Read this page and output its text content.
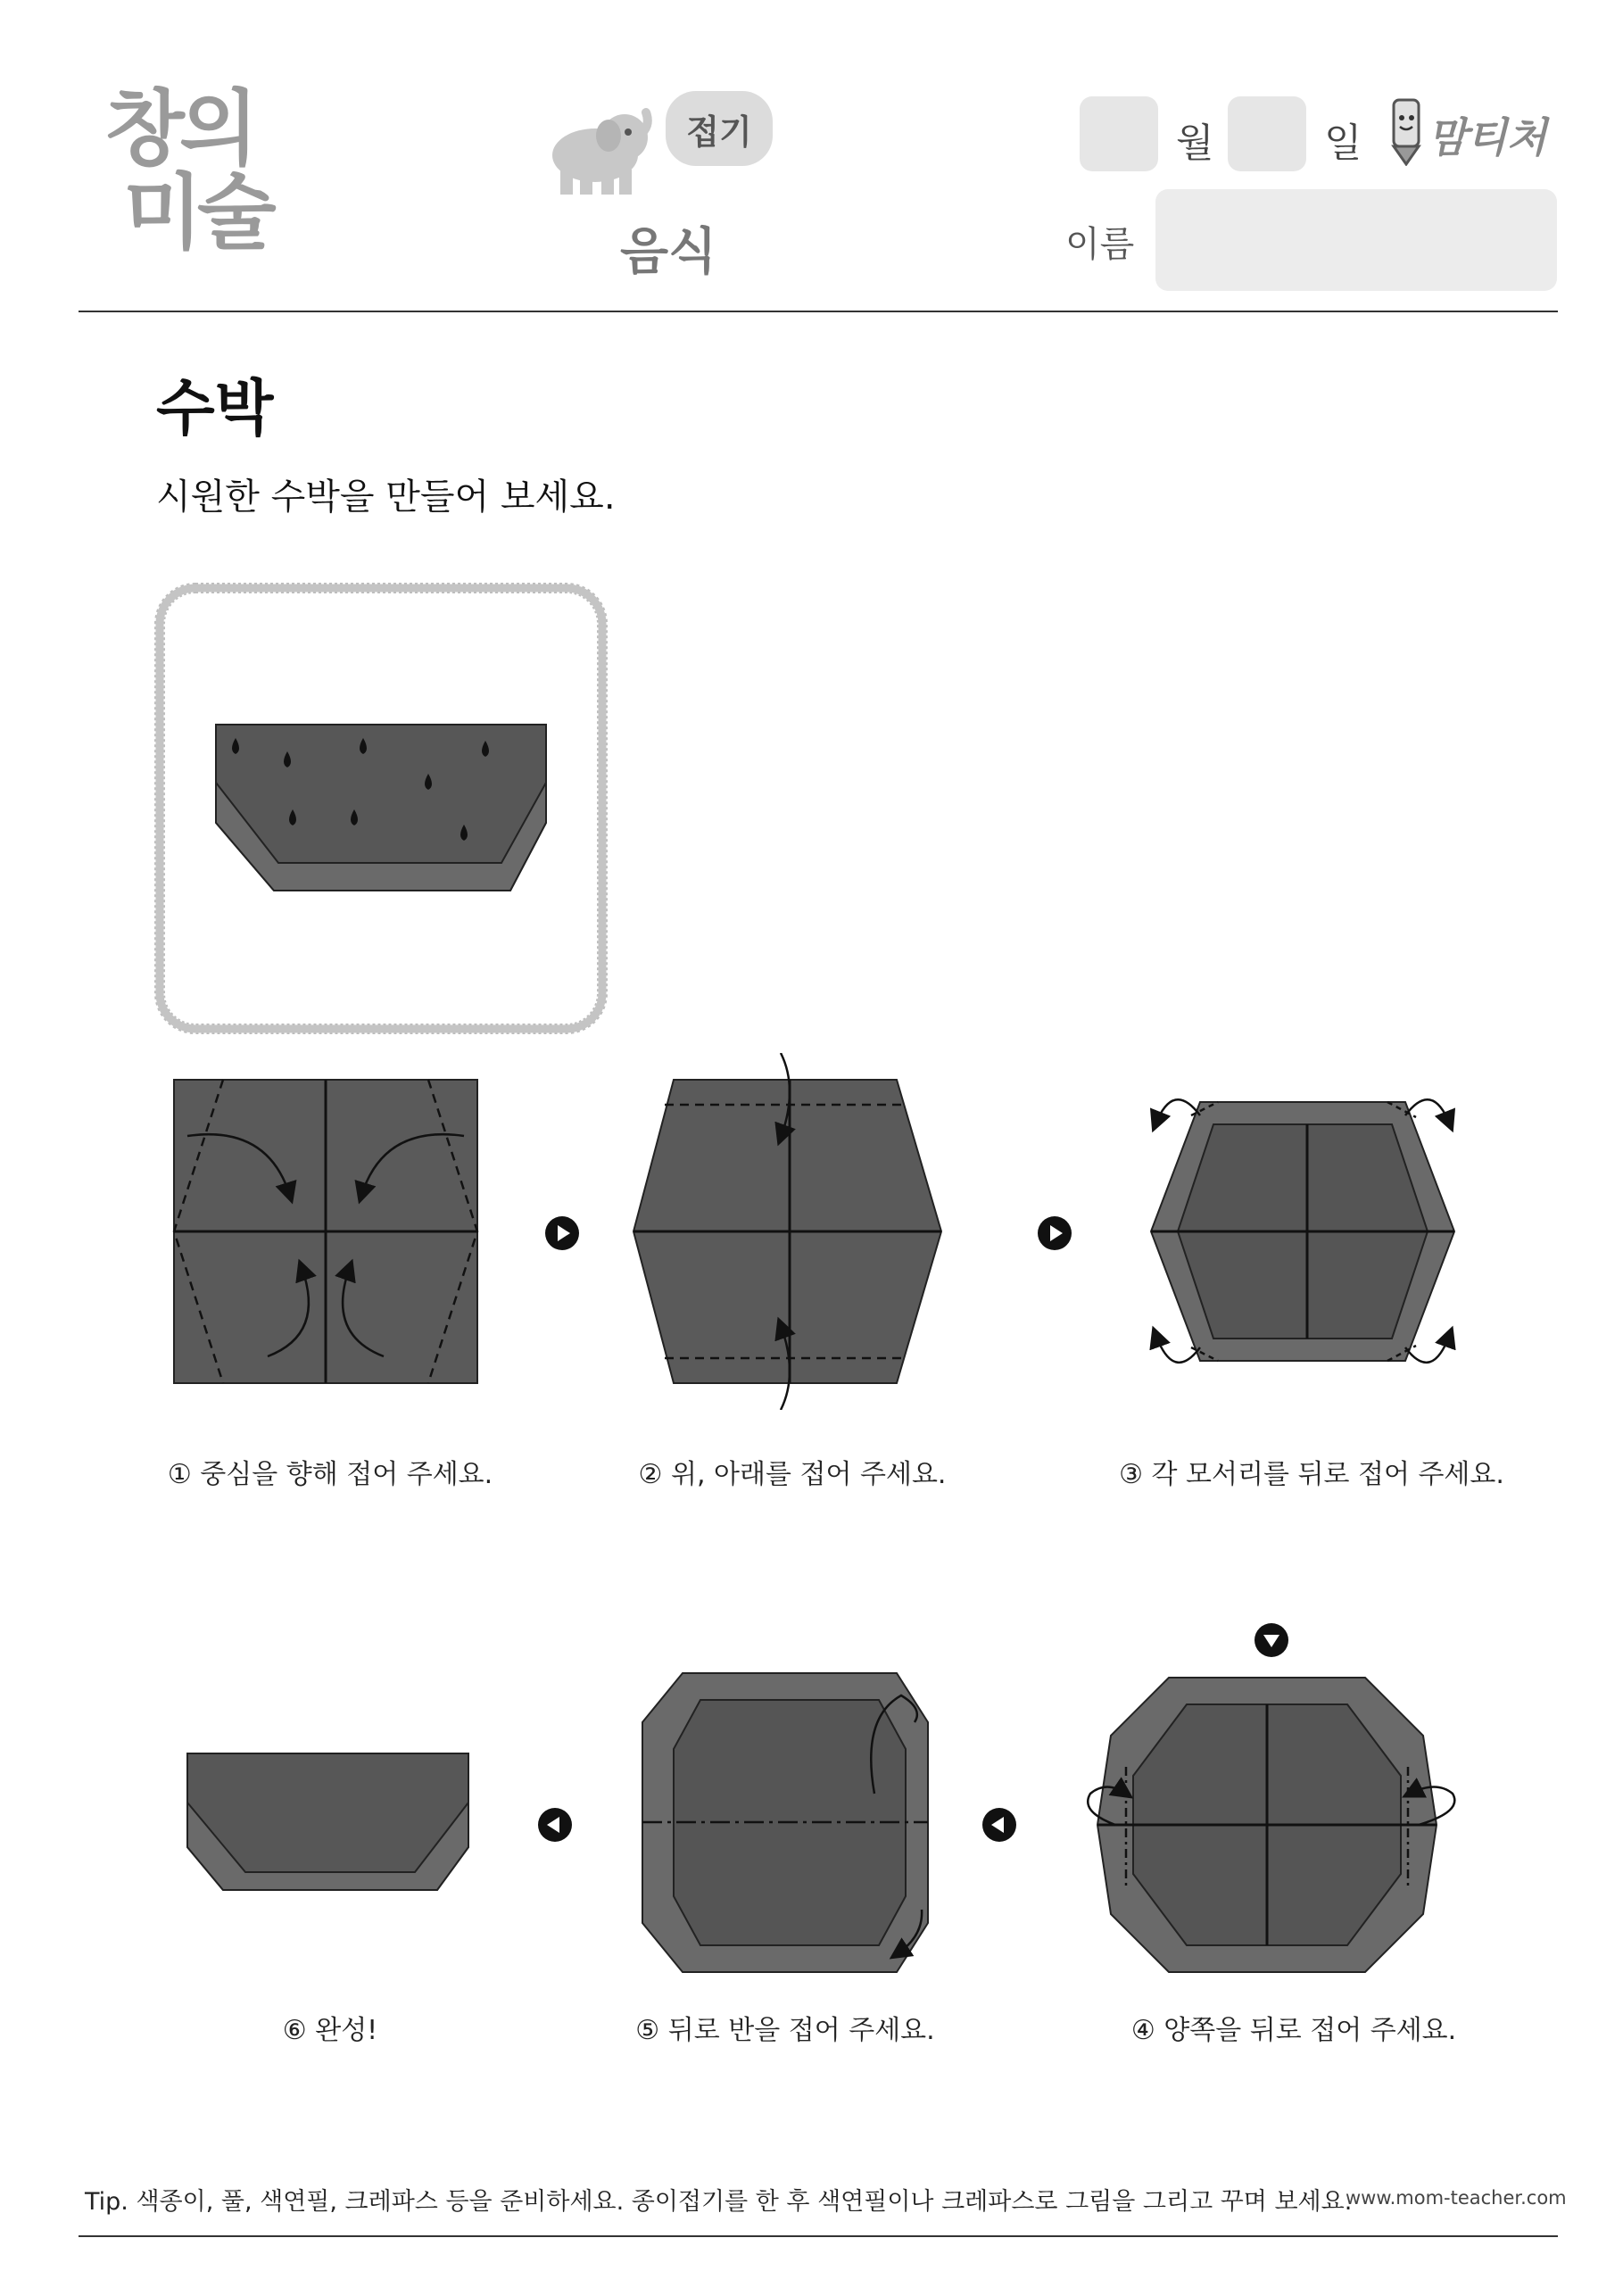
창의
미술
접기
음식
월	일 맘티처
이름
수박
시원한 수박을 만들어 보세요.
① 중심을 향해 접어 주세요.	② 위, 아래를 접어 주세요.	③ 각 모서리를 뒤로 접어 주세요.
④ 양쪽을 뒤로 접어 주세요.
⑤ 뒤로 반을 접어 주세요.
⑥ 완성!
Tip. 색종이, 풀, 색연필, 크레파스 등을 준비하세요. 종이접기를 한 후 색연필이나 크레파스로 그림을 그리고 꾸며 보세요.
www.mom-teacher.com
